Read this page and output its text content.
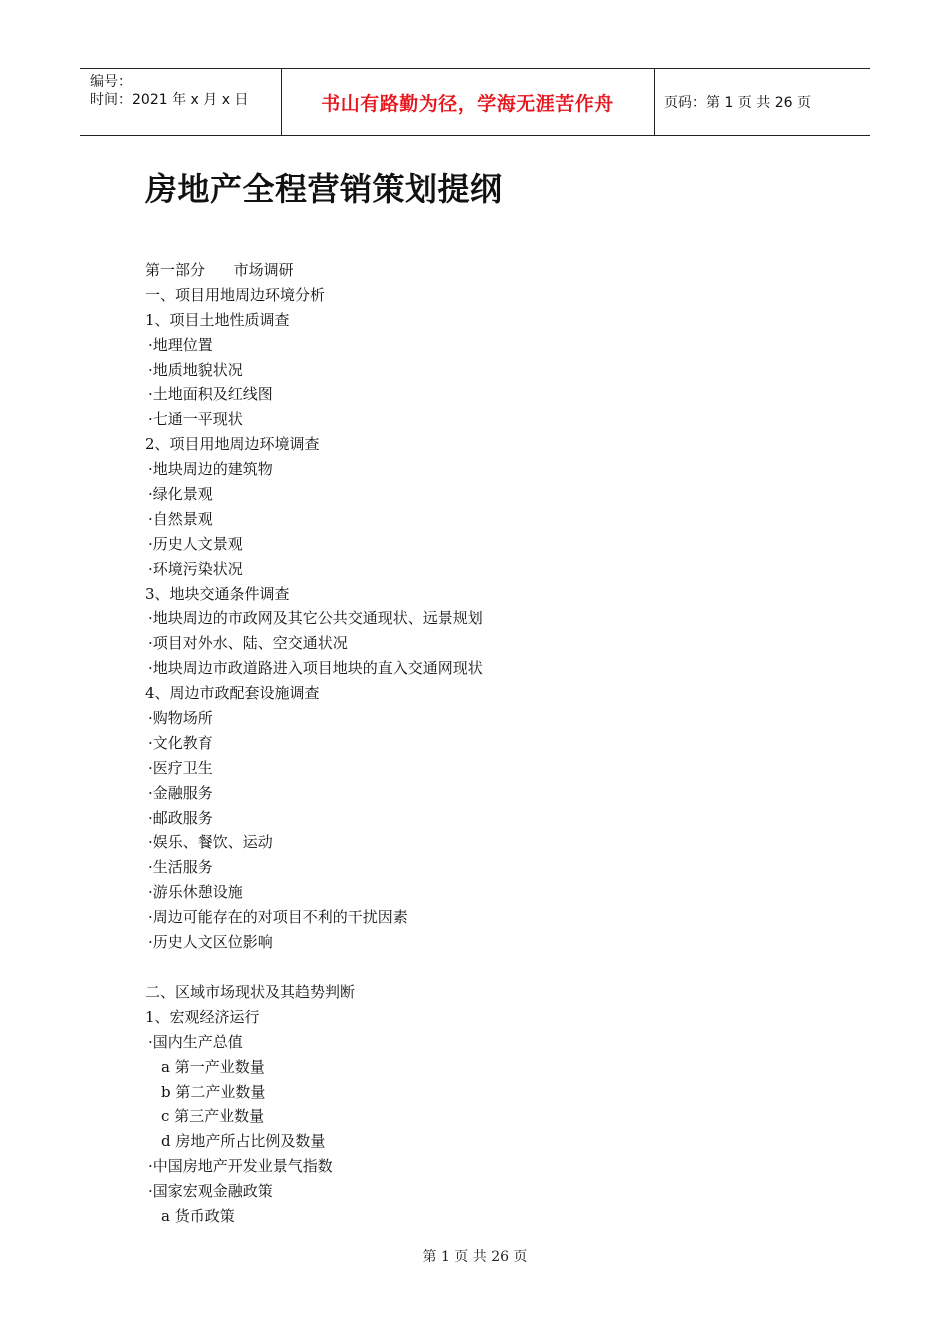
编号：
时间：2021 年 x 月 x 日	书山有路勤为径，学海无涯苦作舟	页码：第 1 页 共 26 页
房地产全程营销策划提纲
第一部分      市场调研
一、项目用地周边环境分析
1、项目土地性质调查
·地理位置
·地质地貌状况
·土地面积及红线图
·七通一平现状
2、项目用地周边环境调查
·地块周边的建筑物
·绿化景观
·自然景观
·历史人文景观
·环境污染状况
3、地块交通条件调查
·地块周边的市政网及其它公共交通现状、远景规划
·项目对外水、陆、空交通状况
·地块周边市政道路进入项目地块的直入交通网现状
4、周边市政配套设施调查
·购物场所
·文化教育
·医疗卫生
·金融服务
·邮政服务
·娱乐、餐饮、运动
·生活服务
·游乐休憩设施
·周边可能存在的对项目不利的干扰因素
·历史人文区位影响
二、区域市场现状及其趋势判断
1、宏观经济运行
·国内生产总值
a 第一产业数量
b 第二产业数量
c 第三产业数量
d 房地产所占比例及数量
·中国房地产开发业景气指数
·国家宏观金融政策
a 货币政策
第 1 页 共 26 页
